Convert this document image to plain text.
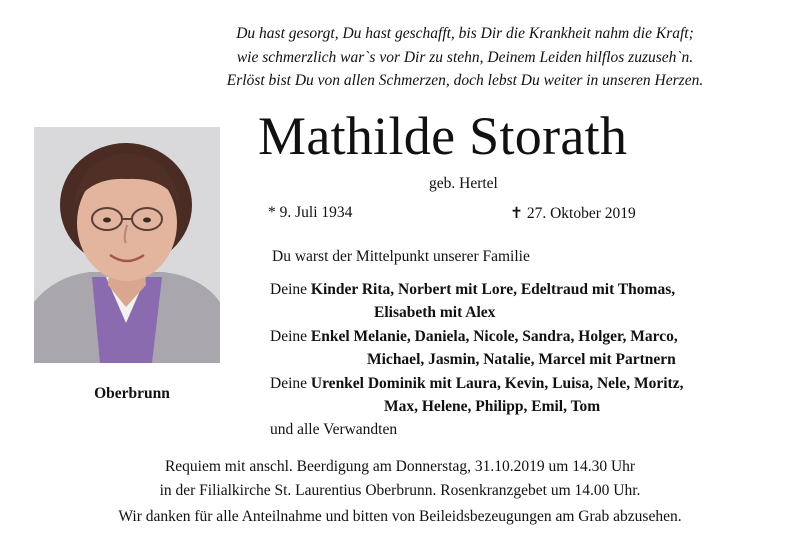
Du hast gesorgt, Du hast geschafft, bis Dir die Krankheit nahm die Kraft;
wie schmerzlich war`s vor Dir zu stehn, Deinem Leiden hilflos zuzuseh`n.
Erlöst bist Du von allen Schmerzen, doch lebst Du weiter in unseren Herzen.
Mathilde Storath
geb. Hertel
* 9. Juli 1934	✝ 27. Oktober 2019
Oberbrunn
Du warst der Mittelpunkt unserer Familie
Deine Kinder Rita, Norbert mit Lore, Edeltraud mit Thomas,
Elisabeth mit Alex
Deine Enkel Melanie, Daniela, Nicole, Sandra, Holger, Marco,
Michael, Jasmin, Natalie, Marcel mit Partnern
Deine Urenkel Dominik mit Laura, Kevin, Luisa, Nele, Moritz,
Max, Helene, Philipp, Emil, Tom
und alle Verwandten
Requiem mit anschl. Beerdigung am Donnerstag, 31.10.2019 um 14.30 Uhr
in der Filialkirche St. Laurentius Oberbrunn. Rosenkranzgebet um 14.00 Uhr.
Wir danken für alle Anteilnahme und bitten von Beileidsbezeugungen am Grab abzusehen.
